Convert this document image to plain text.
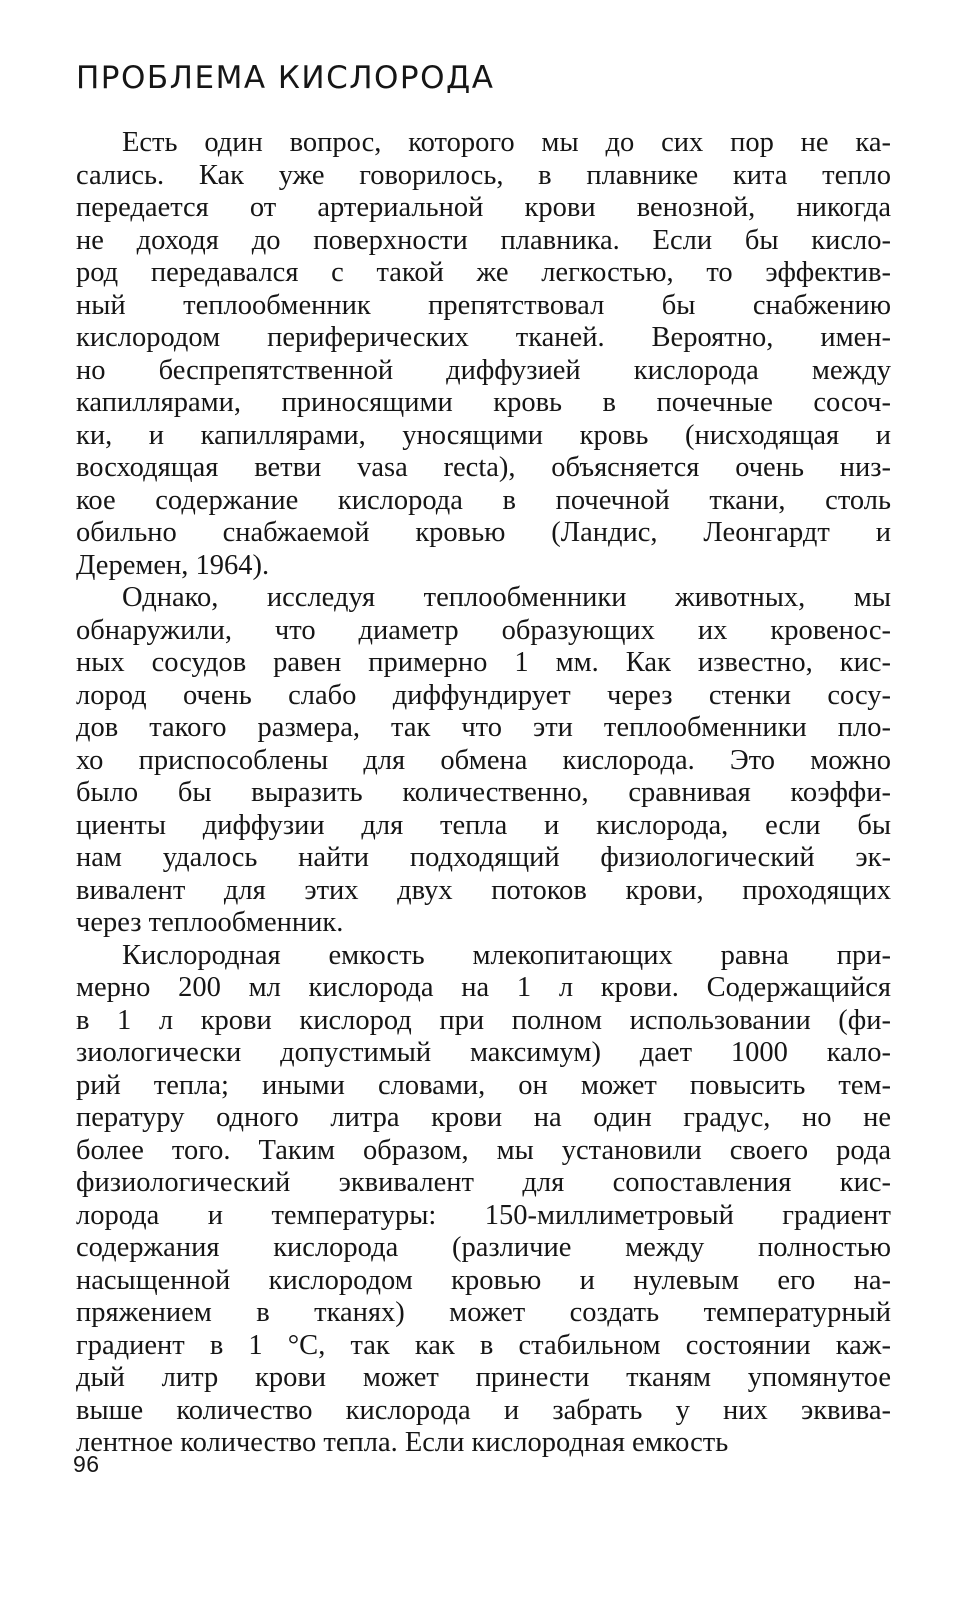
ПРОБЛЕМА КИСЛОРОДА

Есть один вопрос, которого мы до сих пор не ка-
сались. Как уже говорилось, в плавнике кита тепло
передается от артериальной крови венозной, никогда
не доходя до поверхности плавника. Если бы кисло-
род передавался с такой же легкостью, то эффектив-
ный теплообменник препятствовал бы снабжению
кислородом периферических тканей. Вероятно, имен-
но беспрепятственной диффузией кислорода между
капиллярами, приносящими кровь в почечные сосоч-
ки, и капиллярами, уносящими кровь (нисходящая и
восходящая ветви vasa recta), объясняется очень низ-
кое содержание кислорода в почечной ткани, столь
обильно снабжаемой кровью (Ландис, Леонгардт и
Деремен, 1964).

Однако, исследуя теплообменники животных, мы
обнаружили, что диаметр образующих их кровенос-
ных сосудов равен примерно 1 мм. Как известно, кис-
лород очень слабо диффундирует через стенки сосу-
дов такого размера, так что эти теплообменники пло-
хо приспособлены для обмена кислорода. Это можно
было бы выразить количественно, сравнивая коэффи-
циенты диффузии для тепла и кислорода, если бы
нам удалось найти подходящий физиологический эк-
вивалент для этих двух потоков крови, проходящих
через теплообменник.

Кислородная емкость млекопитающих равна при-
мерно 200 мл кислорода на 1 л крови. Содержащийся
в 1 л крови кислород при полном использовании (фи-
зиологически допустимый максимум) дает 1000 кало-
рий тепла; иными словами, он может повысить тем-
пературу одного литра крови на один градус, но не
более того. Таким образом, мы установили своего рода
физиологический эквивалент для сопоставления кис-
лорода и температуры: 150-миллиметровый градиент
содержания кислорода (различие между полностью
насыщенной кислородом кровью и нулевым его на-
пряжением в тканях) может создать температурный
градиент в 1 °С, так как в стабильном состоянии каж-
дый литр крови может принести тканям упомянутое
выше количество кислорода и забрать у них эквива-
лентное количество тепла. Если кислородная емкость

96
